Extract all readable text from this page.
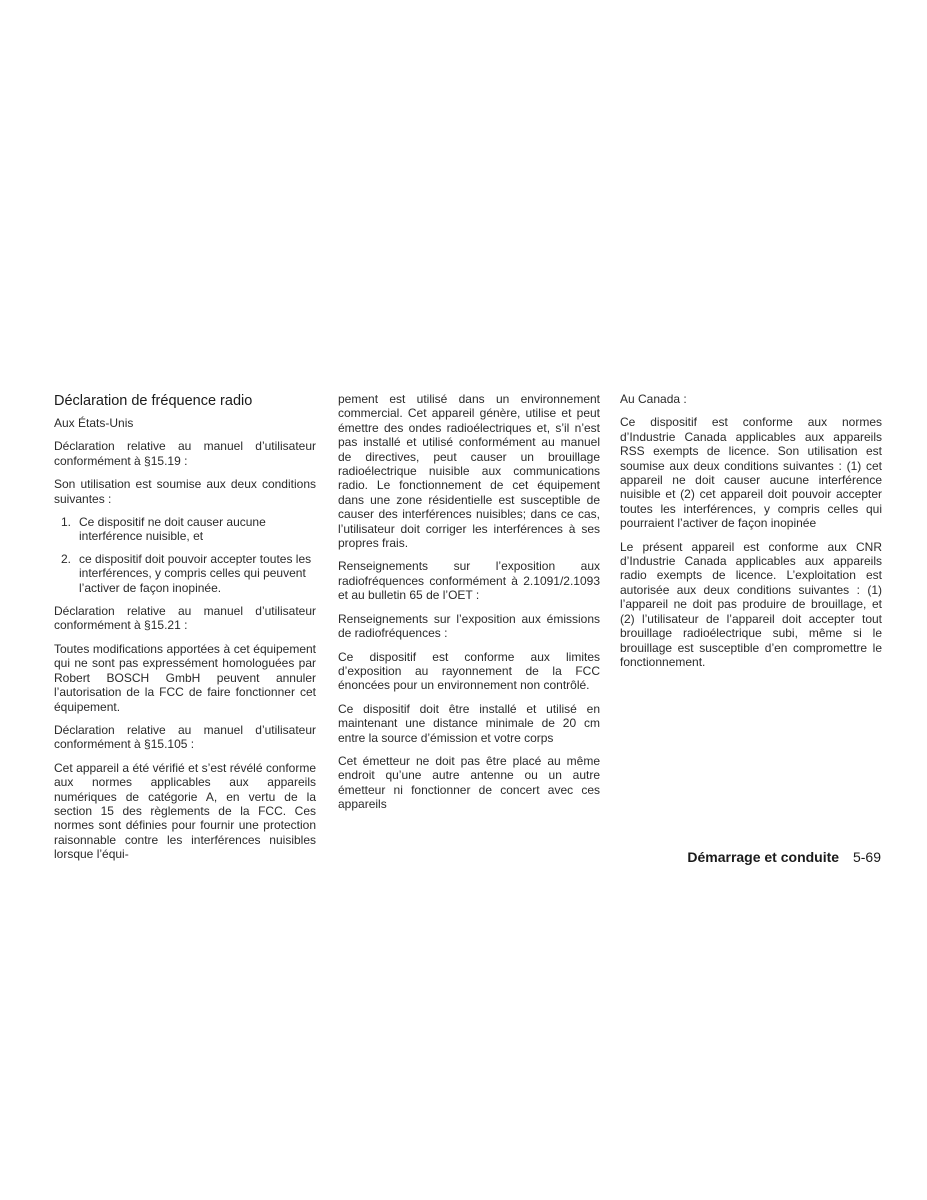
Déclaration de fréquence radio

Aux États-Unis

Déclaration relative au manuel d’utilisateur conformément à §15.19 :

Son utilisation est soumise aux deux conditions suivantes :

1. Ce dispositif ne doit causer aucune interférence nuisible, et
2. ce dispositif doit pouvoir accepter toutes les interférences, y compris celles qui peuvent l’activer de façon inopinée.

Déclaration relative au manuel d’utilisateur conformément à §15.21 :

Toutes modifications apportées à cet équipement qui ne sont pas expressément homologuées par Robert BOSCH GmbH peuvent annuler l’autorisation de la FCC de faire fonctionner cet équipement.

Déclaration relative au manuel d’utilisateur conformément à §15.105 :

Cet appareil a été vérifié et s’est révélé conforme aux normes applicables aux appareils numériques de catégorie A, en vertu de la section 15 des règlements de la FCC. Ces normes sont définies pour fournir une protection raisonnable contre les interférences nuisibles lorsque l’équi-

pement est utilisé dans un environnement commercial. Cet appareil génère, utilise et peut émettre des ondes radioélectriques et, s’il n’est pas installé et utilisé conformément au manuel de directives, peut causer un brouillage radioélectrique nuisible aux communications radio. Le fonctionnement de cet équipement dans une zone résidentielle est susceptible de causer des interférences nuisibles; dans ce cas, l’utilisateur doit corriger les interférences à ses propres frais.

Renseignements sur l’exposition aux radiofréquences conformément à 2.1091/2.1093 et au bulletin 65 de l’OET :

Renseignements sur l’exposition aux émissions de radiofréquences :

Ce dispositif est conforme aux limites d’exposition au rayonnement de la FCC énoncées pour un environnement non contrôlé.

Ce dispositif doit être installé et utilisé en maintenant une distance minimale de 20 cm entre la source d’émission et votre corps

Cet émetteur ne doit pas être placé au même endroit qu’une autre antenne ou un autre émetteur ni fonctionner de concert avec ces appareils

Au Canada :

Ce dispositif est conforme aux normes d’Industrie Canada applicables aux appareils RSS exempts de licence. Son utilisation est soumise aux deux conditions suivantes : (1) cet appareil ne doit causer aucune interférence nuisible et (2) cet appareil doit pouvoir accepter toutes les interférences, y compris celles qui pourraient l’activer de façon inopinée

Le présent appareil est conforme aux CNR d’Industrie Canada applicables aux appareils radio exempts de licence. L’exploitation est autorisée aux deux conditions suivantes : (1) l’appareil ne doit pas produire de brouillage, et (2) l’utilisateur de l’appareil doit accepter tout brouillage radioélectrique subi, même si le brouillage est susceptible d’en compromettre le fonctionnement.

Démarrage et conduite 5-69
